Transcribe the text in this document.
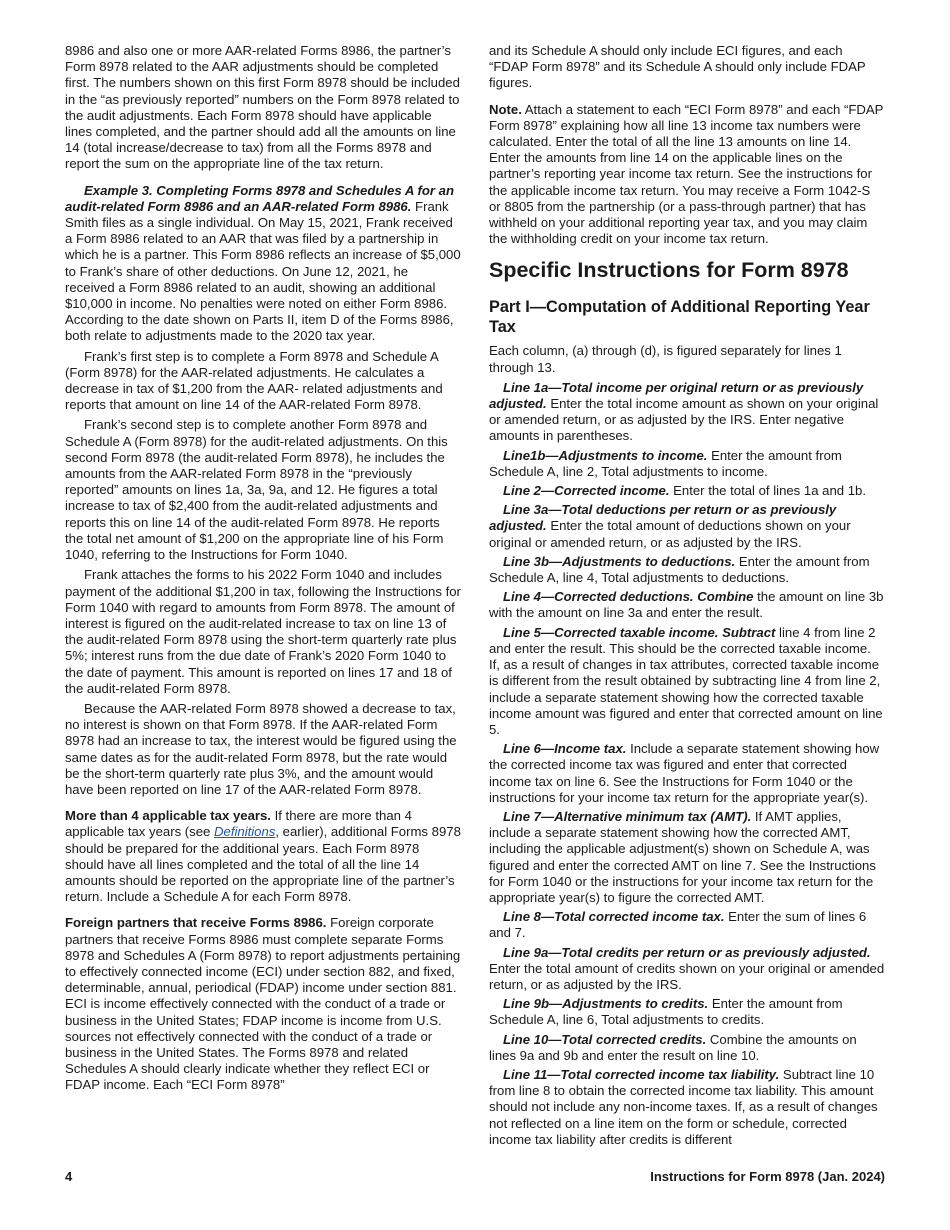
8986 and also one or more AAR-related Forms 8986, the partner’s Form 8978 related to the AAR adjustments should be completed first. The numbers shown on this first Form 8978 should be included in the “as previously reported” numbers on the Form 8978 related to the audit adjustments. Each Form 8978 should have applicable lines completed, and the partner should add all the amounts on line 14 (total increase/decrease to tax) from all the Forms 8978 and report the sum on the appropriate line of the tax return.

Example 3. Completing Forms 8978 and Schedules A for an audit-related Form 8986 and an AAR-related Form 8986. Frank Smith files as a single individual. On May 15, 2021, Frank received a Form 8986 related to an AAR that was filed by a partnership in which he is a partner. This Form 8986 reflects an increase of $5,000 to Frank’s share of other deductions. On June 12, 2021, he received a Form 8986 related to an audit, showing an additional $10,000 in income. No penalties were noted on either Form 8986. According to the date shown on Parts II, item D of the Forms 8986, both relate to adjustments made to the 2020 tax year.

Frank’s first step is to complete a Form 8978 and Schedule A (Form 8978) for the AAR-related adjustments. He calculates a decrease in tax of $1,200 from the AAR- related adjustments and reports that amount on line 14 of the AAR-related Form 8978.

Frank’s second step is to complete another Form 8978 and Schedule A (Form 8978) for the audit-related adjustments. On this second Form 8978 (the audit-related Form 8978), he includes the amounts from the AAR-related Form 8978 in the “previously reported” amounts on lines 1a, 3a, 9a, and 12. He figures a total increase to tax of $2,400 from the audit-related adjustments and reports this on line 14 of the audit-related Form 8978. He reports the total net amount of $1,200 on the appropriate line of his Form 1040, referring to the Instructions for Form 1040.

Frank attaches the forms to his 2022 Form 1040 and includes payment of the additional $1,200 in tax, following the Instructions for Form 1040 with regard to amounts from Form 8978. The amount of interest is figured on the audit-related increase to tax on line 13 of the audit-related Form 8978 using the short-term quarterly rate plus 5%; interest runs from the due date of Frank’s 2020 Form 1040 to the date of payment. This amount is reported on lines 17 and 18 of the audit-related Form 8978.

Because the AAR-related Form 8978 showed a decrease to tax, no interest is shown on that Form 8978. If the AAR-related Form 8978 had an increase to tax, the interest would be figured using the same dates as for the audit-related Form 8978, but the rate would be the short-term quarterly rate plus 3%, and the amount would have been reported on line 17 of the AAR-related Form 8978.

More than 4 applicable tax years. If there are more than 4 applicable tax years (see Definitions, earlier), additional Forms 8978 should be prepared for the additional years. Each Form 8978 should have all lines completed and the total of all the line 14 amounts should be reported on the appropriate line of the partner’s return. Include a Schedule A for each Form 8978.

Foreign partners that receive Forms 8986. Foreign corporate partners that receive Forms 8986 must complete separate Forms 8978 and Schedules A (Form 8978) to report adjustments pertaining to effectively connected income (ECI) under section 882, and fixed, determinable, annual, periodical (FDAP) income under section 881. ECI is income effectively connected with the conduct of a trade or business in the United States; FDAP income is income from U.S. sources not effectively connected with the conduct of a trade or business in the United States. The Forms 8978 and related Schedules A should clearly indicate whether they reflect ECI or FDAP income. Each “ECI Form 8978”

and its Schedule A should only include ECI figures, and each “FDAP Form 8978” and its Schedule A should only include FDAP figures.

Note. Attach a statement to each “ECI Form 8978” and each “FDAP Form 8978” explaining how all line 13 income tax numbers were calculated. Enter the total of all the line 13 amounts on line 14. Enter the amounts from line 14 on the applicable lines on the partner’s reporting year income tax return. See the instructions for the applicable income tax return. You may receive a Form 1042-S or 8805 from the partnership (or a pass-through partner) that has withheld on your additional reporting year tax, and you may claim the withholding credit on your income tax return.

Specific Instructions for Form 8978
Part I—Computation of Additional Reporting Year Tax

Each column, (a) through (d), is figured separately for lines 1 through 13.

Line 1a—Total income per original return or as previously adjusted. Enter the total income amount as shown on your original or amended return, or as adjusted by the IRS. Enter negative amounts in parentheses.

Line1b—Adjustments to income. Enter the amount from Schedule A, line 2, Total adjustments to income.

Line 2—Corrected income. Enter the total of lines 1a and 1b.

Line 3a—Total deductions per return or as previously adjusted. Enter the total amount of deductions shown on your original or amended return, or as adjusted by the IRS.

Line 3b—Adjustments to deductions. Enter the amount from Schedule A, line 4, Total adjustments to deductions.

Line 4—Corrected deductions. Combine the amount on line 3b with the amount on line 3a and enter the result.

Line 5—Corrected taxable income. Subtract line 4 from line 2 and enter the result. This should be the corrected taxable income. If, as a result of changes in tax attributes, corrected taxable income is different from the result obtained by subtracting line 4 from line 2, include a separate statement showing how the corrected taxable income amount was figured and enter that corrected amount on line 5.

Line 6—Income tax. Include a separate statement showing how the corrected income tax was figured and enter that corrected income tax on line 6. See the Instructions for Form 1040 or the instructions for your income tax return for the appropriate year(s).

Line 7—Alternative minimum tax (AMT). If AMT applies, include a separate statement showing how the corrected AMT, including the applicable adjustment(s) shown on Schedule A, was figured and enter the corrected AMT on line 7. See the Instructions for Form 1040 or the instructions for your income tax return for the appropriate year(s) to figure the corrected AMT.

Line 8—Total corrected income tax. Enter the sum of lines 6 and 7.

Line 9a—Total credits per return or as previously adjusted. Enter the total amount of credits shown on your original or amended return, or as adjusted by the IRS.

Line 9b—Adjustments to credits. Enter the amount from Schedule A, line 6, Total adjustments to credits.

Line 10—Total corrected credits. Combine the amounts on lines 9a and 9b and enter the result on line 10.

Line 11—Total corrected income tax liability. Subtract line 10 from line 8 to obtain the corrected income tax liability. This amount should not include any non-income taxes. If, as a result of changes not reflected on a line item on the form or schedule, corrected income tax liability after credits is different

4	Instructions for Form 8978 (Jan. 2024)
